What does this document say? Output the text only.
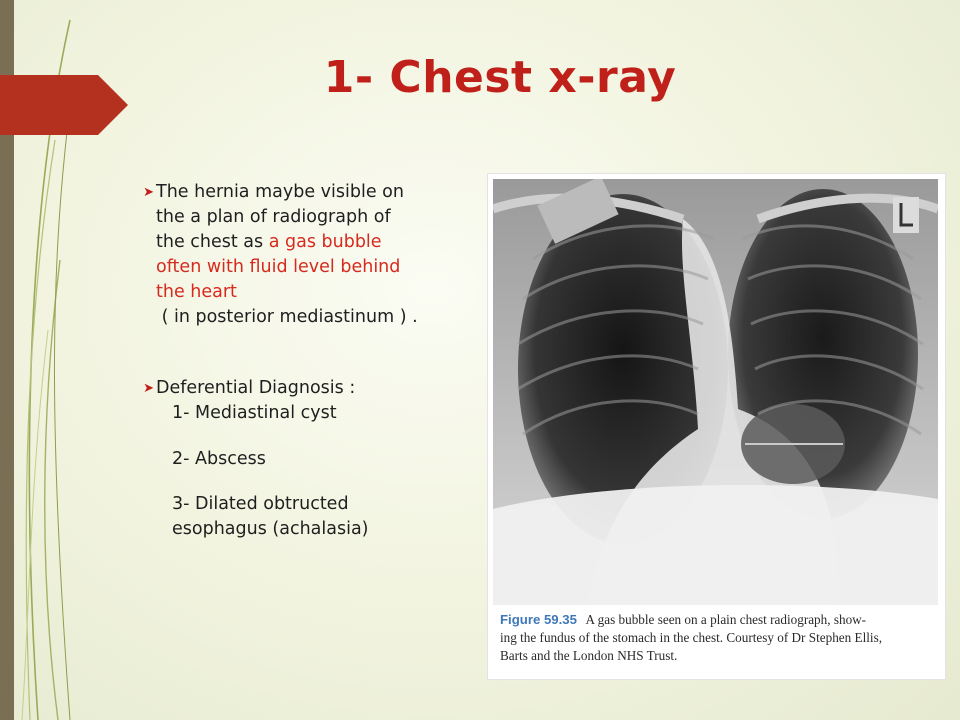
1- Chest x-ray
➤ The hernia maybe visible on
the a plan of radiograph of
the chest as a gas bubble
often with fluid level behind
the heart
( in posterior mediastinum ) .
➤ Deferential Diagnosis :
1- Mediastinal cyst
2- Abscess
3- Dilated obtructed
esophagus (achalasia)
Figure 59.35 A gas bubble seen on a plain chest radiograph, show-
ing the fundus of the stomach in the chest. Courtesy of Dr Stephen Ellis,
Barts and the London NHS Trust.
